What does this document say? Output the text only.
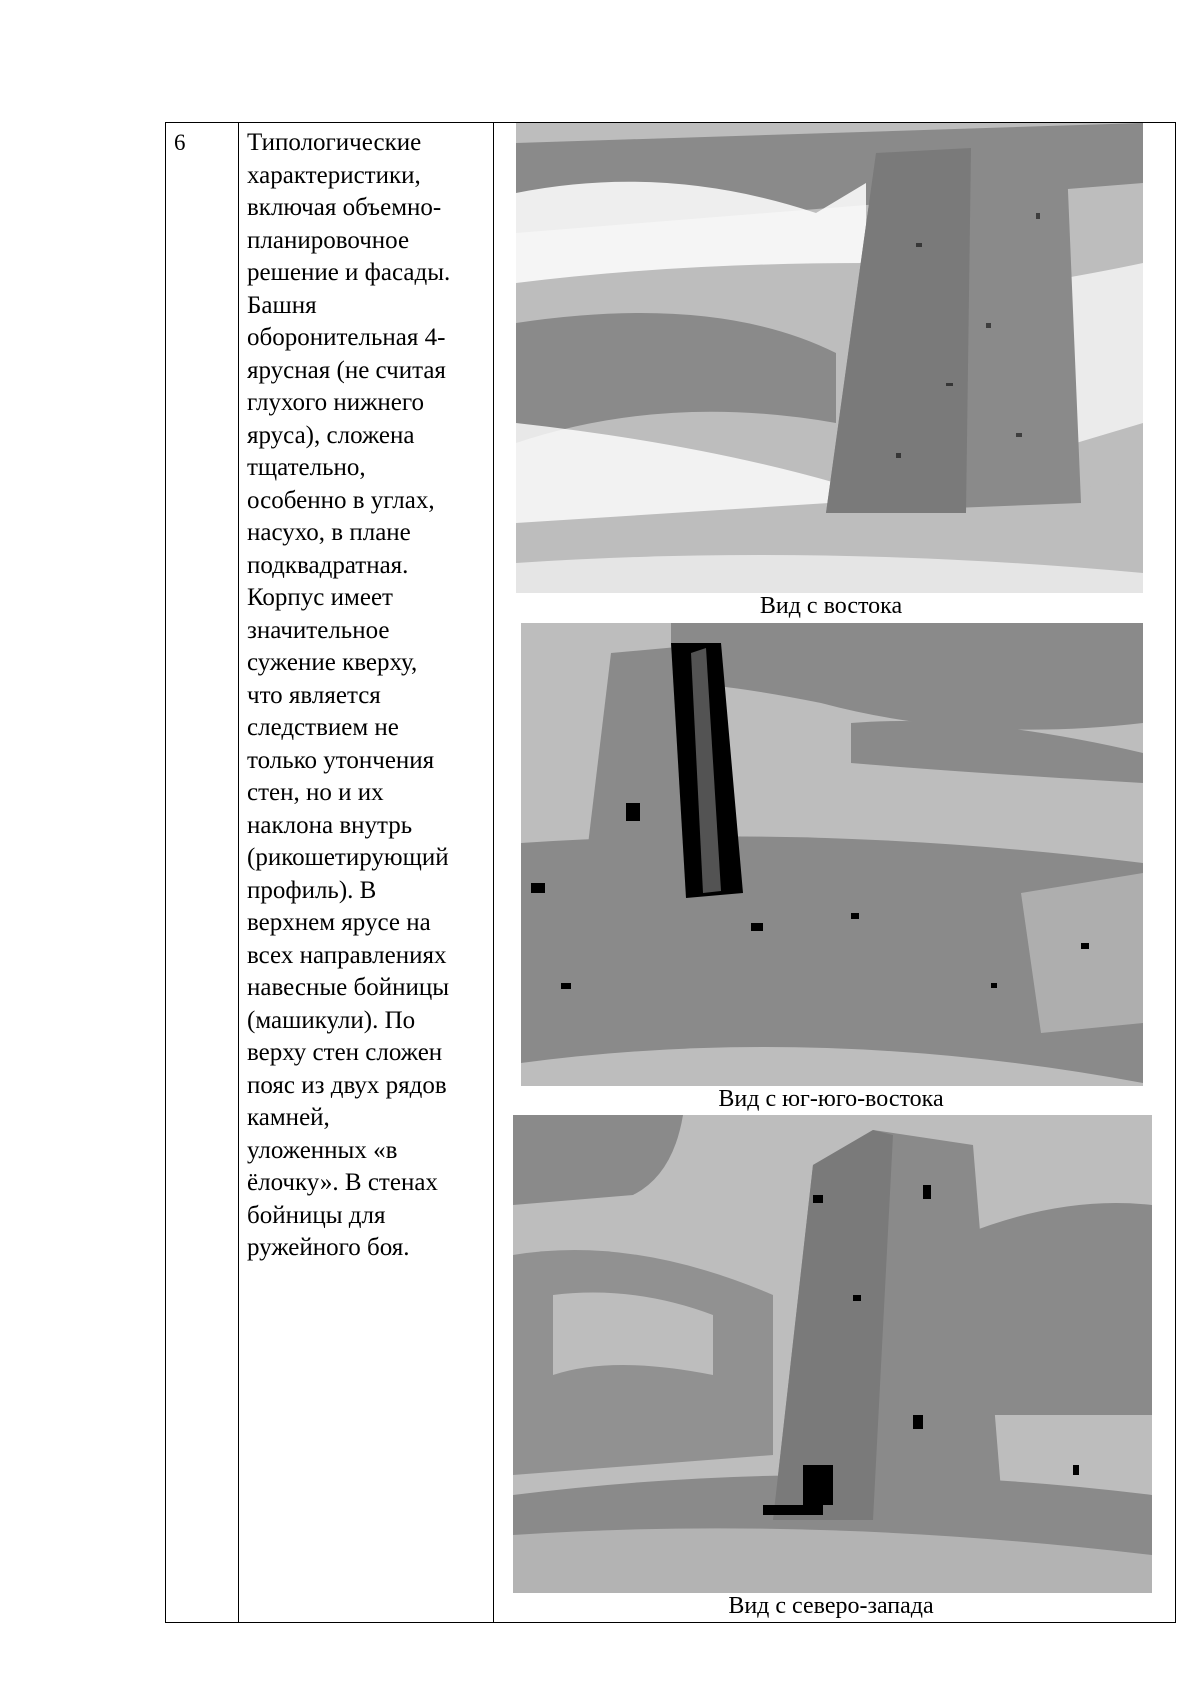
6 Типологические
характеристики,
включая объемно-
планировочное
решение и фасады.
Башня
оборонительная 4-
ярусная (не считая
глухого нижнего
яруса), сложена
тщательно,
особенно в углах,
насухо, в плане
подквадратная.
Корпус имеет
значительное
сужение кверху,
что является
следствием не
только утончения
стен, но и их
наклона внутрь
(рикошетирующий
профиль). В
верхнем ярусе на
всех направлениях
навесные бойницы
(машикули). По
верху стен сложен
пояс из двух рядов
камней,
уложенных «в
ёлочку». В стенах
бойницы для
ружейного боя.
Вид с востока
Вид с юг-юго-востока
Вид с северо-запада
